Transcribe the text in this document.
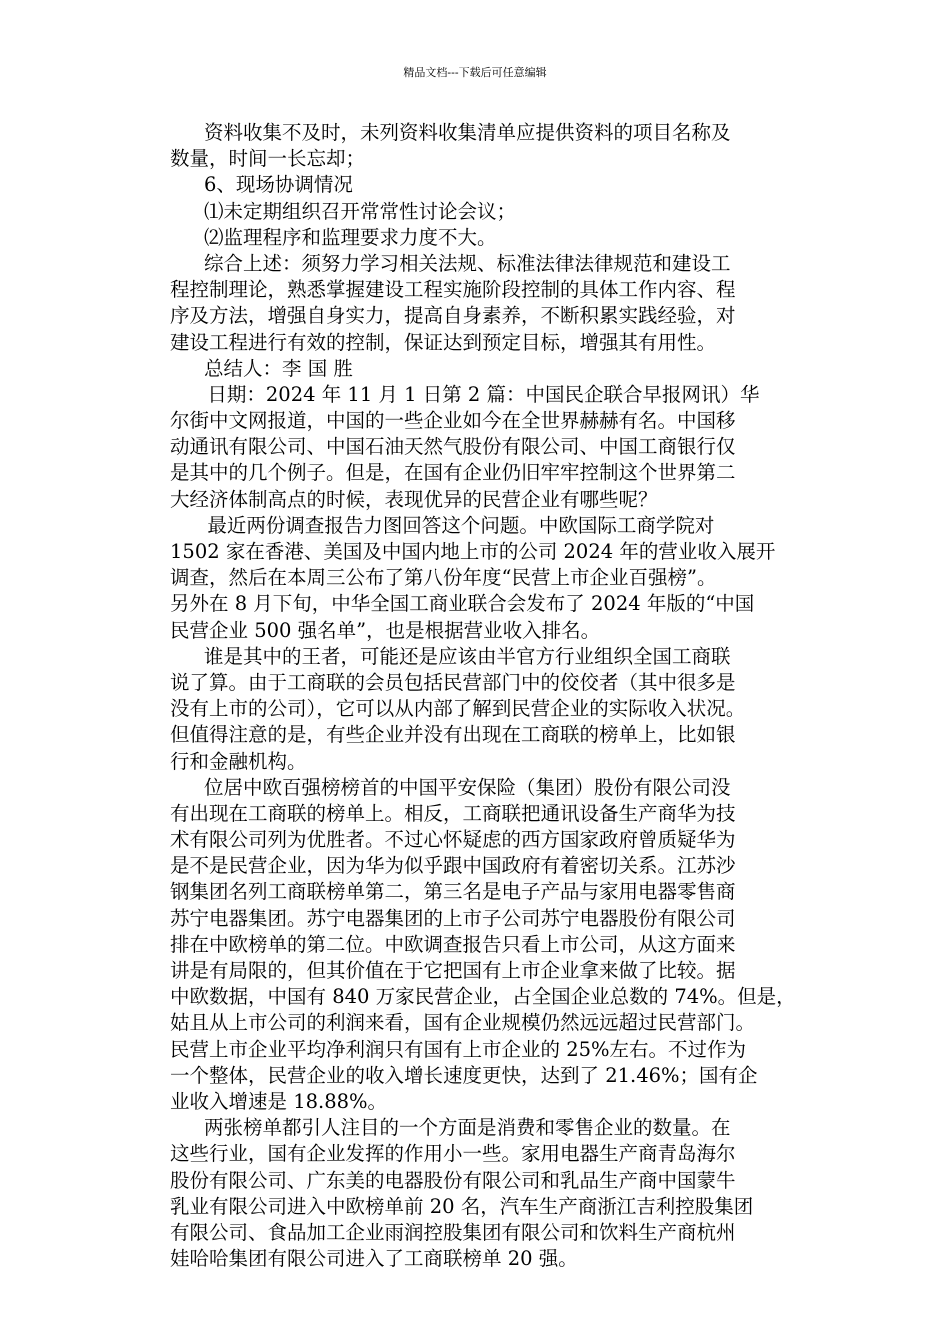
精品文档---下载后可任意编辑
资料收集不及时，未列资料收集清单应提供资料的项目名称及
数量，时间一长忘却；
6、现场协调情况
⑴未定期组织召开常常性讨论会议；
⑵监理程序和监理要求力度不大。
综合上述：须努力学习相关法规、标准法律法律规范和建设工
程控制理论，熟悉掌握建设工程实施阶段控制的具体工作内容、程
序及方法，增强自身实力，提高自身素养，不断积累实践经验，对
建设工程进行有效的控制，保证达到预定目标，增强其有用性。
总结人：李 国 胜
日期：2024 年 11 月 1 日第 2 篇：中国民企联合早报网讯）华
尔街中文网报道，中国的一些企业如今在全世界赫赫有名。中国移
动通讯有限公司、中国石油天然气股份有限公司、中国工商银行仅
是其中的几个例子。但是，在国有企业仍旧牢牢控制这个世界第二
大经济体制高点的时候，表现优异的民营企业有哪些呢？
最近两份调查报告力图回答这个问题。中欧国际工商学院对
1502 家在香港、美国及中国内地上市的公司 2024 年的营业收入展开
调查，然后在本周三公布了第八份年度“民营上市企业百强榜”。
另外在 8 月下旬，中华全国工商业联合会发布了 2024 年版的“中国
民营企业 500 强名单”，也是根据营业收入排名。
谁是其中的王者，可能还是应该由半官方行业组织全国工商联
说了算。由于工商联的会员包括民营部门中的佼佼者（其中很多是
没有上市的公司），它可以从内部了解到民营企业的实际收入状况。
但值得注意的是，有些企业并没有出现在工商联的榜单上，比如银
行和金融机构。
位居中欧百强榜榜首的中国平安保险（集团）股份有限公司没
有出现在工商联的榜单上。相反，工商联把通讯设备生产商华为技
术有限公司列为优胜者。不过心怀疑虑的西方国家政府曾质疑华为
是不是民营企业，因为华为似乎跟中国政府有着密切关系。江苏沙
钢集团名列工商联榜单第二，第三名是电子产品与家用电器零售商
苏宁电器集团。苏宁电器集团的上市子公司苏宁电器股份有限公司
排在中欧榜单的第二位。中欧调查报告只看上市公司，从这方面来
讲是有局限的，但其价值在于它把国有上市企业拿来做了比较。据
中欧数据，中国有 840 万家民营企业，占全国企业总数的 74%。但是，
姑且从上市公司的利润来看，国有企业规模仍然远远超过民营部门。
民营上市企业平均净利润只有国有上市企业的 25%左右。不过作为
一个整体，民营企业的收入增长速度更快，达到了 21.46%；国有企
业收入增速是 18.88%。
两张榜单都引人注目的一个方面是消费和零售企业的数量。在
这些行业，国有企业发挥的作用小一些。家用电器生产商青岛海尔
股份有限公司、广东美的电器股份有限公司和乳品生产商中国蒙牛
乳业有限公司进入中欧榜单前 20 名，汽车生产商浙江吉利控股集团
有限公司、食品加工企业雨润控股集团有限公司和饮料生产商杭州
娃哈哈集团有限公司进入了工商联榜单 20 强。
